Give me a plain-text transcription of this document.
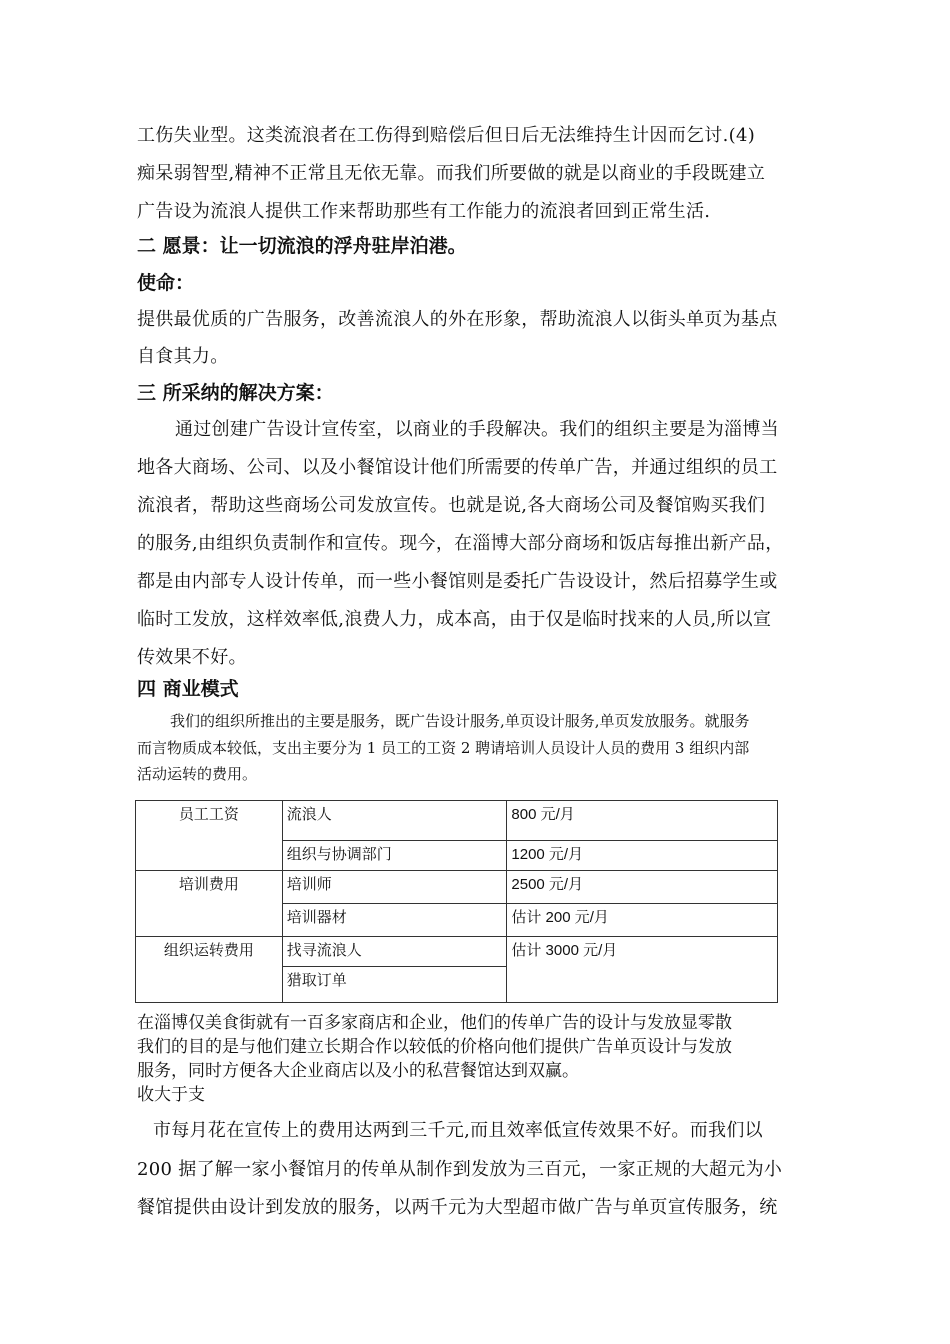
工伤失业型。这类流浪者在工伤得到赔偿后但日后无法维持生计因而乞讨.(4)
痴呆弱智型,精神不正常且无依无靠。而我们所要做的就是以商业的手段既建立
广告设为流浪人提供工作来帮助那些有工作能力的流浪者回到正常生活.
二 愿景：让一切流浪的浮舟驻岸泊港。
使命：
提供最优质的广告服务，改善流浪人的外在形象，帮助流浪人以街头单页为基点
自食其力。
三 所采纳的解决方案：
通过创建广告设计宣传室，以商业的手段解决。我们的组织主要是为淄博当
地各大商场、公司、以及小餐馆设计他们所需要的传单广告，并通过组织的员工
流浪者，帮助这些商场公司发放宣传。也就是说,各大商场公司及餐馆购买我们
的服务,由组织负责制作和宣传。现今，在淄博大部分商场和饭店每推出新产品，
都是由内部专人设计传单，而一些小餐馆则是委托广告设设计，然后招募学生或
临时工发放，这样效率低,浪费人力，成本高，由于仅是临时找来的人员,所以宣
传效果不好。
四 商业模式
我们的组织所推出的主要是服务，既广告设计服务,单页设计服务,单页发放服务。就服务
而言物质成本较低，支出主要分为 1 员工的工资 2 聘请培训人员设计人员的费用 3 组织内部
活动运转的费用。
员工工资	流浪人	800 元/月
	组织与协调部门	1200 元/月
培训费用	培训师	2500 元/月
	培训器材	估计 200 元/月
组织运转费用	找寻流浪人	估计 3000 元/月
	猎取订单	
在淄博仅美食街就有一百多家商店和企业，他们的传单广告的设计与发放显零散
我们的目的是与他们建立长期合作以较低的价格向他们提供广告单页设计与发放
服务，同时方便各大企业商店以及小的私营餐馆达到双赢。
收大于支
市每月花在宣传上的费用达两到三千元,而且效率低宣传效果不好。而我们以
200 据了解一家小餐馆月的传单从制作到发放为三百元，一家正规的大超元为小
餐馆提供由设计到发放的服务，以两千元为大型超市做广告与单页宣传服务，统
